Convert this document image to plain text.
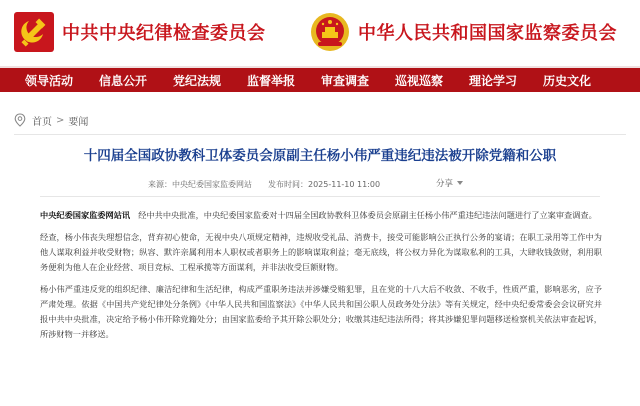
中共中央纪律检查委员会	中华人民共和国国家监察委员会
领导活动	信息公开	党纪法规	监督举报	审查调查	巡视巡察	理论学习	历史文化
首页 > 要闻
十四届全国政协教科卫体委员会原副主任杨小伟严重违纪违法被开除党籍和公职
来源：中央纪委国家监委网站 发布时间：2025-11-10 11:00	分享

中央纪委国家监委网站讯  经中共中央批准，中央纪委国家监委对十四届全国政协教科卫体委员会原副主任杨小伟严重违纪违法问题进行了立案审查调查。

经查，杨小伟丧失理想信念，背弃初心使命，无视中央八项规定精神，违规收受礼品、消费卡，接受可能影响公正执行公务的宴请；在职工录用等工作中为他人谋取利益并收受财物；纵容、默许亲属利用本人职权或者职务上的影响谋取利益；毫无底线，将公权力异化为谋取私利的工具，大肆收钱敛财，利用职务便利为他人在企业经营、项目竞标、工程承揽等方面谋利，并非法收受巨额财物。

杨小伟严重违反党的组织纪律、廉洁纪律和生活纪律，构成严重职务违法并涉嫌受贿犯罪，且在党的十八大后不收敛、不收手，性质严重，影响恶劣，应予严肃处理。依据《中国共产党纪律处分条例》《中华人民共和国监察法》《中华人民共和国公职人员政务处分法》等有关规定，经中央纪委常委会会议研究并报中共中央批准，决定给予杨小伟开除党籍处分；由国家监委给予其开除公职处分；收缴其违纪违法所得；将其涉嫌犯罪问题移送检察机关依法审查起诉，所涉财物一并移送。
